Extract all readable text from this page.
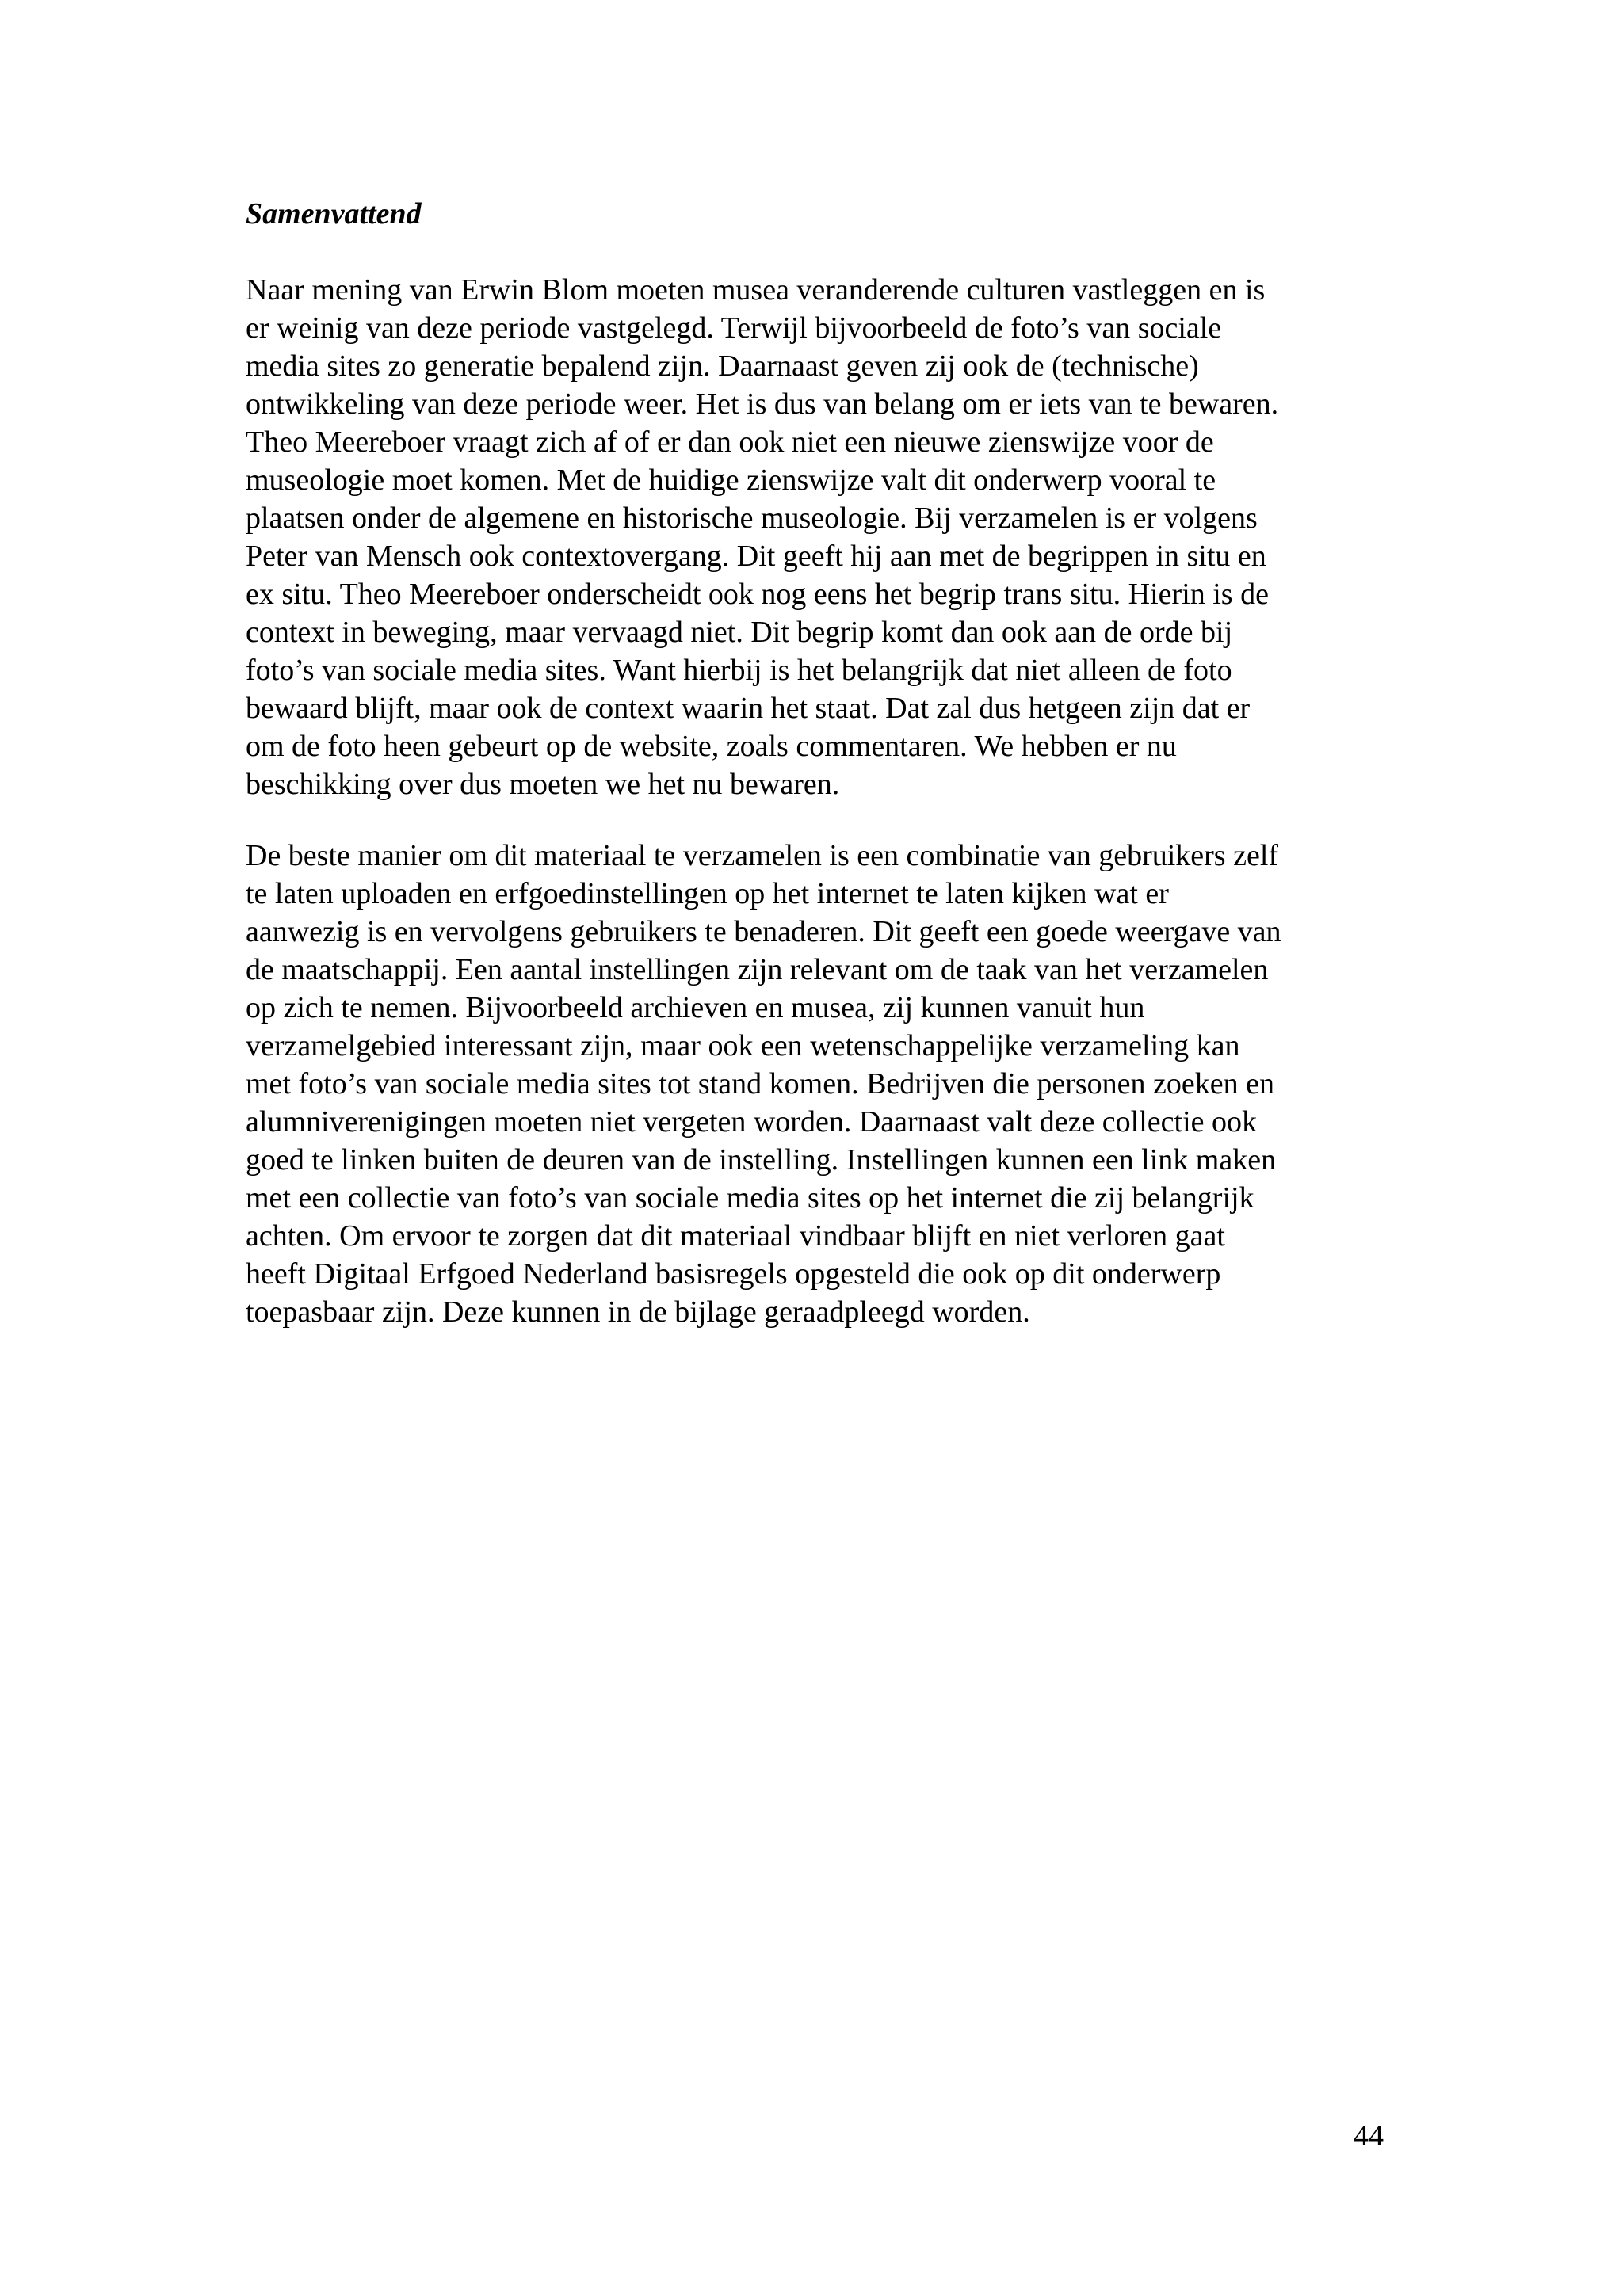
Samenvattend

Naar mening van Erwin Blom moeten musea veranderende culturen vastleggen en is
er weinig van deze periode vastgelegd. Terwijl bijvoorbeeld de foto’s van sociale
media sites zo generatie bepalend zijn. Daarnaast geven zij ook de (technische)
ontwikkeling van deze periode weer. Het is dus van belang om er iets van te bewaren.
Theo Meereboer vraagt zich af of er dan ook niet een nieuwe zienswijze voor de
museologie moet komen. Met de huidige zienswijze valt dit onderwerp vooral te
plaatsen onder de algemene en historische museologie. Bij verzamelen is er volgens
Peter van Mensch ook contextovergang. Dit geeft hij aan met de begrippen in situ en
ex situ. Theo Meereboer onderscheidt ook nog eens het begrip trans situ. Hierin is de
context in beweging, maar vervaagd niet. Dit begrip komt dan ook aan de orde bij
foto’s van sociale media sites. Want hierbij is het belangrijk dat niet alleen de foto
bewaard blijft, maar ook de context waarin het staat. Dat zal dus hetgeen zijn dat er
om de foto heen gebeurt op de website, zoals commentaren. We hebben er nu
beschikking over dus moeten we het nu bewaren.

De beste manier om dit materiaal te verzamelen is een combinatie van gebruikers zelf
te laten uploaden en erfgoedinstellingen op het internet te laten kijken wat er
aanwezig is en vervolgens gebruikers te benaderen. Dit geeft een goede weergave van
de maatschappij. Een aantal instellingen zijn relevant om de taak van het verzamelen
op zich te nemen. Bijvoorbeeld archieven en musea, zij kunnen vanuit hun
verzamelgebied interessant zijn, maar ook een wetenschappelijke verzameling kan
met foto’s van sociale media sites tot stand komen. Bedrijven die personen zoeken en
alumniverenigingen moeten niet vergeten worden. Daarnaast valt deze collectie ook
goed te linken buiten de deuren van de instelling. Instellingen kunnen een link maken
met een collectie van foto’s van sociale media sites op het internet die zij belangrijk
achten. Om ervoor te zorgen dat dit materiaal vindbaar blijft en niet verloren gaat
heeft Digitaal Erfgoed Nederland basisregels opgesteld die ook op dit onderwerp
toepasbaar zijn. Deze kunnen in de bijlage geraadpleegd worden.

44
